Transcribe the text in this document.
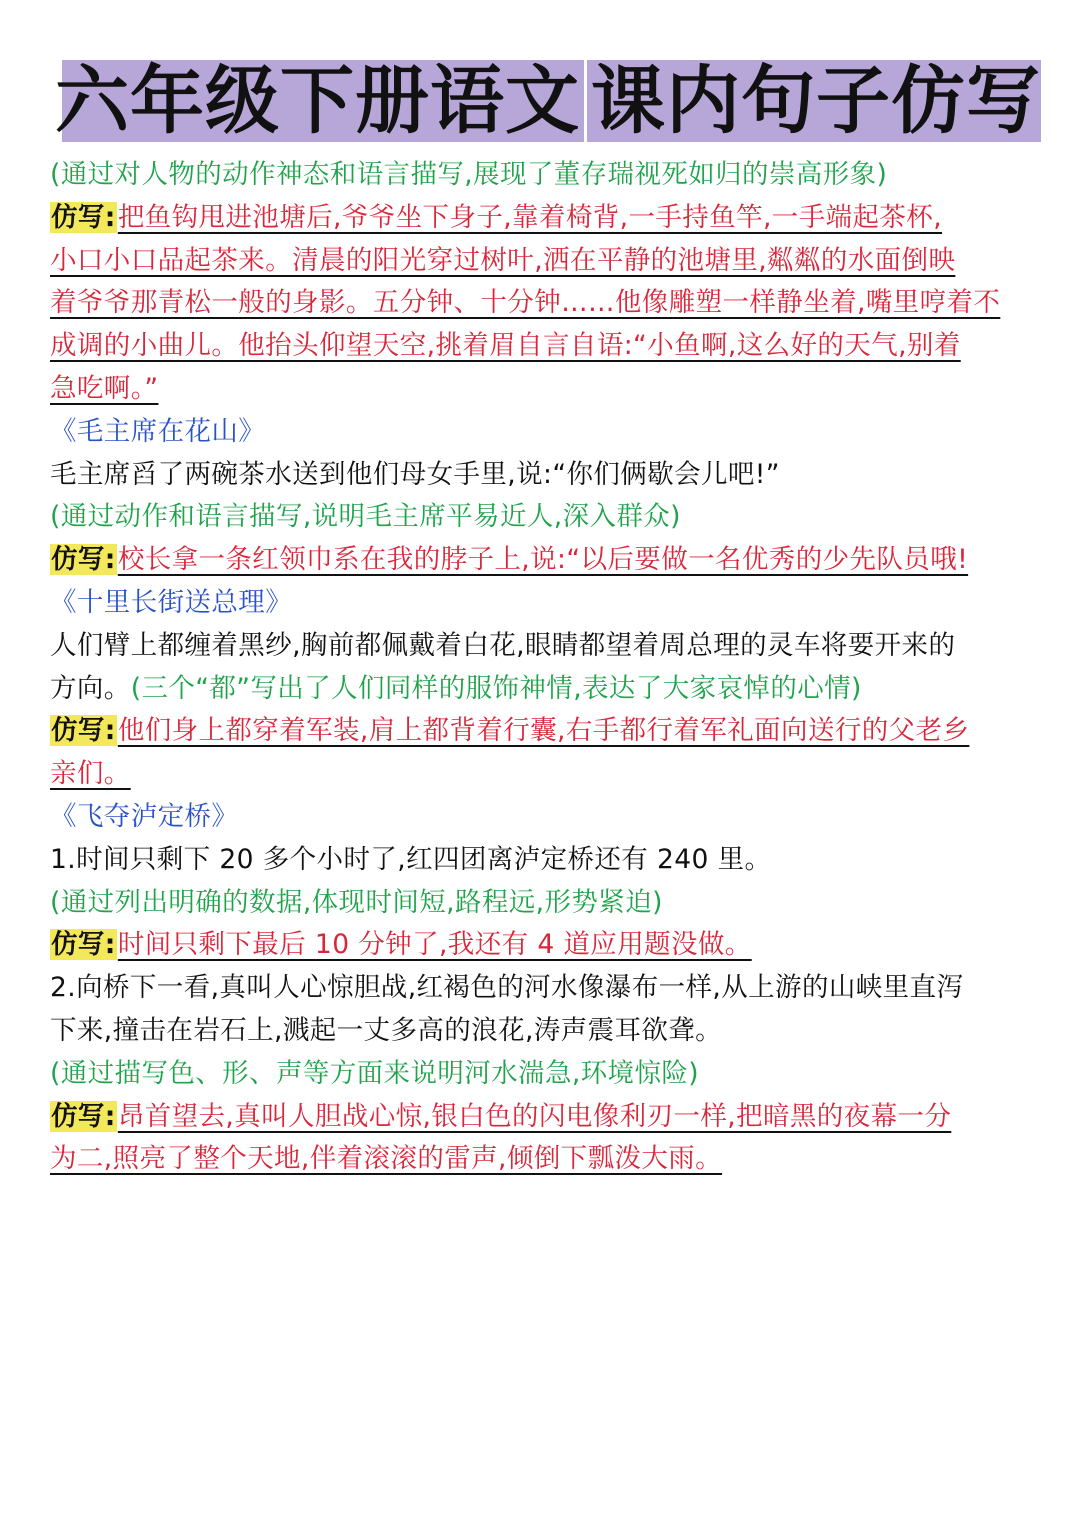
六年级下册语文 课内句子仿写
(通过对人物的动作神态和语言描写,展现了董存瑞视死如归的崇高形象)
仿写:把鱼钩甩进池塘后,爷爷坐下身子,靠着椅背,一手持鱼竿,一手端起茶杯,
小口小口品起茶来。清晨的阳光穿过树叶,洒在平静的池塘里,粼粼的水面倒映
着爷爷那青松一般的身影。五分钟、十分钟……他像雕塑一样静坐着,嘴里哼着不
成调的小曲儿。他抬头仰望天空,挑着眉自言自语:“小鱼啊,这么好的天气,别着
急吃啊。”
《毛主席在花山》
毛主席舀了两碗茶水送到他们母女手里,说:“你们俩歇会儿吧!”
(通过动作和语言描写,说明毛主席平易近人,深入群众)
仿写:校长拿一条红领巾系在我的脖子上,说:“以后要做一名优秀的少先队员哦!
《十里长街送总理》
人们臂上都缠着黑纱,胸前都佩戴着白花,眼睛都望着周总理的灵车将要开来的
方向。(三个“都”写出了人们同样的服饰神情,表达了大家哀悼的心情)
仿写:他们身上都穿着军装,肩上都背着行囊,右手都行着军礼面向送行的父老乡
亲们。
《飞夺泸定桥》
1.时间只剩下 20 多个小时了,红四团离泸定桥还有 240 里。
(通过列出明确的数据,体现时间短,路程远,形势紧迫)
仿写:时间只剩下最后 10 分钟了,我还有 4 道应用题没做。
2.向桥下一看,真叫人心惊胆战,红褐色的河水像瀑布一样,从上游的山峡里直泻
下来,撞击在岩石上,溅起一丈多高的浪花,涛声震耳欲聋。
(通过描写色、形、声等方面来说明河水湍急,环境惊险)
仿写:昂首望去,真叫人胆战心惊,银白色的闪电像利刃一样,把暗黑的夜幕一分
为二,照亮了整个天地,伴着滚滚的雷声,倾倒下瓢泼大雨。
